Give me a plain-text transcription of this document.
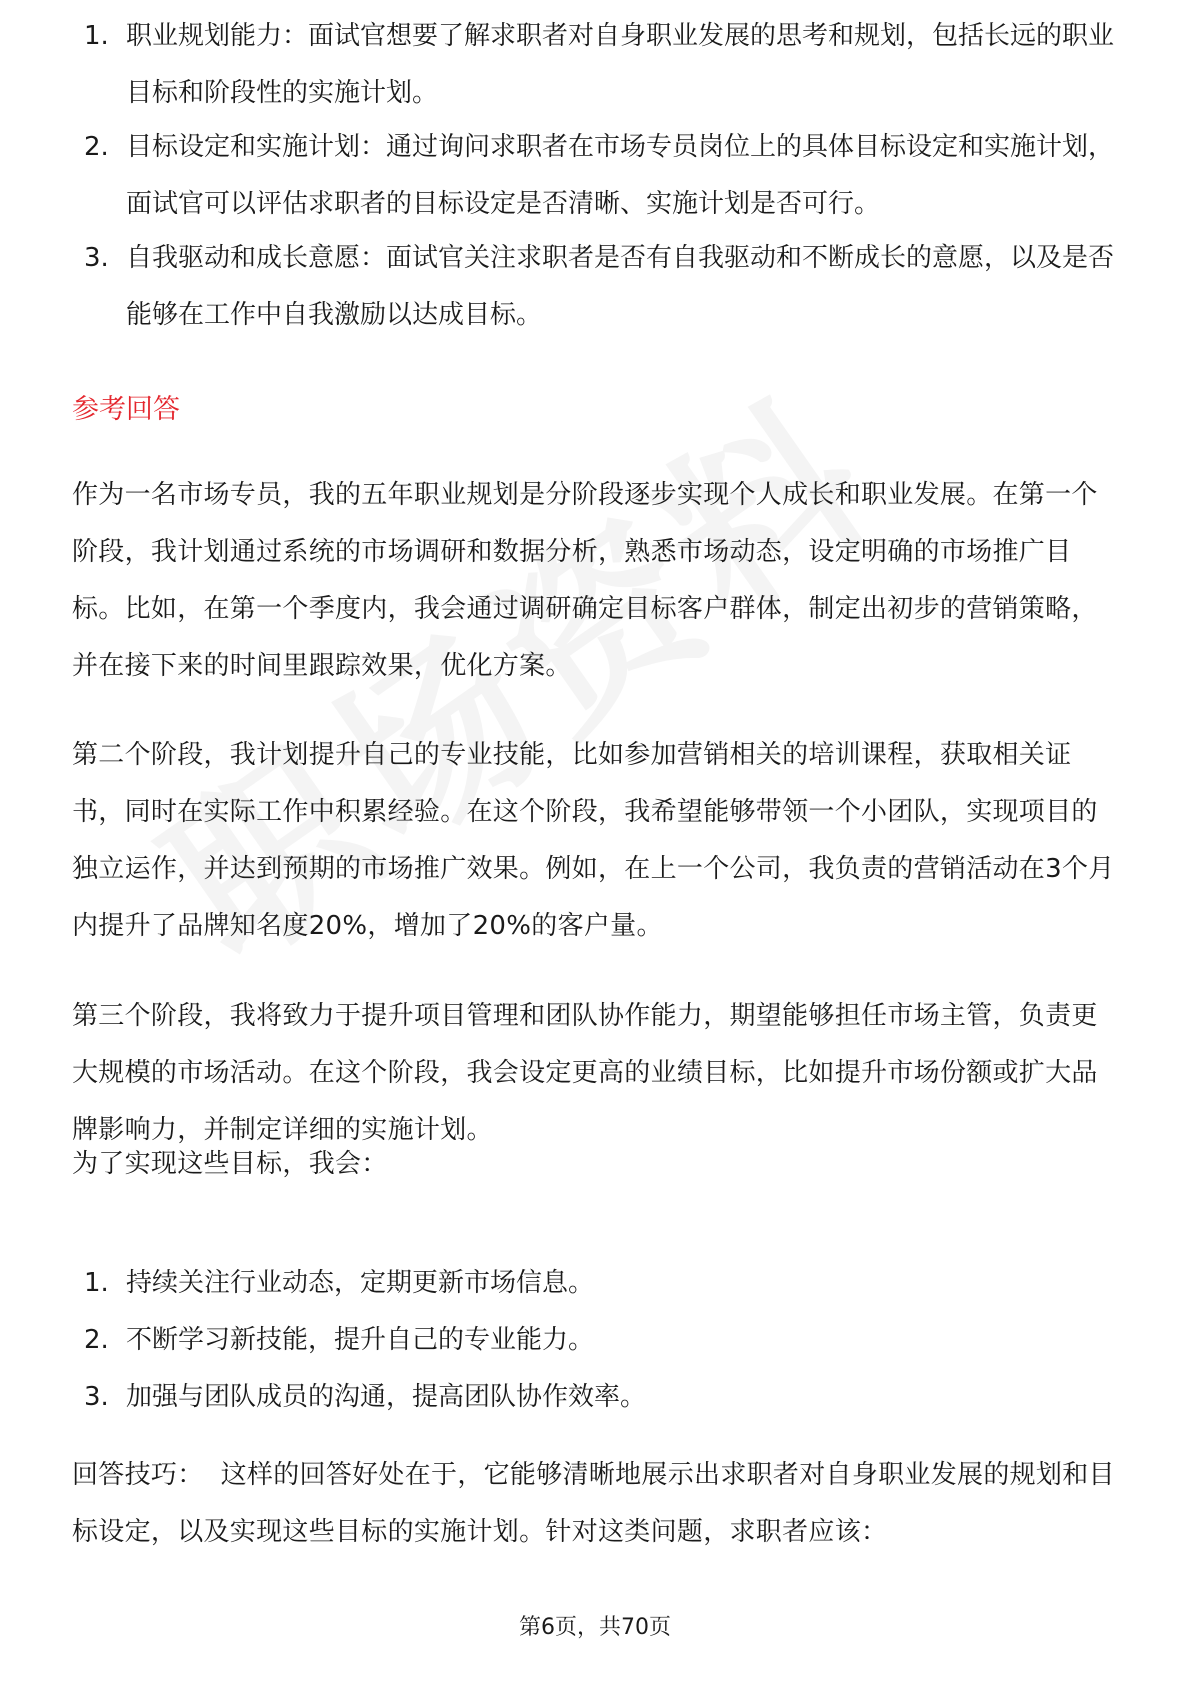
1. 职业规划能力：面试官想要了解求职者对自身职业发展的思考和规划，包括长远的职业目标和阶段性的实施计划。
2. 目标设定和实施计划：通过询问求职者在市场专员岗位上的具体目标设定和实施计划，面试官可以评估求职者的目标设定是否清晰、实施计划是否可行。
3. 自我驱动和成长意愿：面试官关注求职者是否有自我驱动和不断成长的意愿，以及是否能够在工作中自我激励以达成目标。
参考回答

作为一名市场专员，我的五年职业规划是分阶段逐步实现个人成长和职业发展。在第一个阶段，我计划通过系统的市场调研和数据分析，熟悉市场动态，设定明确的市场推广目标。比如，在第一个季度内，我会通过调研确定目标客户群体，制定出初步的营销策略，并在接下来的时间里跟踪效果，优化方案。

第二个阶段，我计划提升自己的专业技能，比如参加营销相关的培训课程，获取相关证书，同时在实际工作中积累经验。在这个阶段，我希望能够带领一个小团队，实现项目的独立运作，并达到预期的市场推广效果。例如，在上一个公司，我负责的营销活动在3个月内提升了品牌知名度20%，增加了20%的客户量。

第三个阶段，我将致力于提升项目管理和团队协作能力，期望能够担任市场主管，负责更大规模的市场活动。在这个阶段，我会设定更高的业绩目标，比如提升市场份额或扩大品牌影响力，并制定详细的实施计划。

为了实现这些目标，我会：

1. 持续关注行业动态，定期更新市场信息。
2. 不断学习新技能，提升自己的专业能力。
3. 加强与团队成员的沟通，提高团队协作效率。

回答技巧：  这样的回答好处在于，它能够清晰地展示出求职者对自身职业发展的规划和目标设定，以及实现这些目标的实施计划。针对这类问题，求职者应该：

第6页，共70页
